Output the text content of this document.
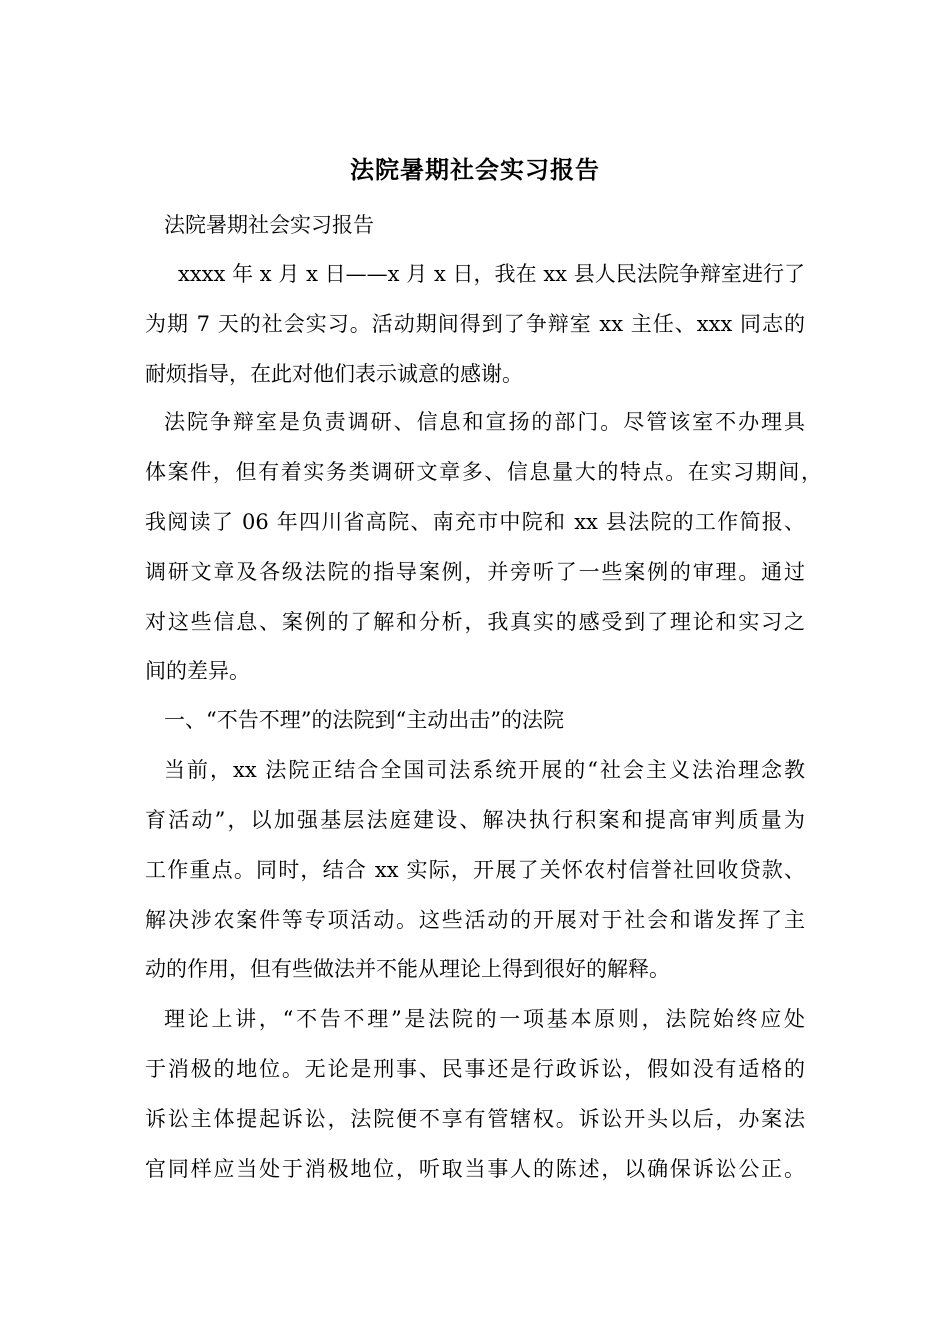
法院暑期社会实习报告
法院暑期社会实习报告
xxxx 年 x 月 x 日——x 月 x 日，我在 xx 县人民法院争辩室进行了
为期 7 天的社会实习。活动期间得到了争辩室 xx 主任、xxx 同志的
耐烦指导，在此对他们表示诚意的感谢。
法院争辩室是负责调研、信息和宣扬的部门。尽管该室不办理具
体案件，但有着实务类调研文章多、信息量大的特点。在实习期间，
我阅读了 06 年四川省高院、南充市中院和 xx 县法院的工作简报、
调研文章及各级法院的指导案例，并旁听了一些案例的审理。通过
对这些信息、案例的了解和分析，我真实的感受到了理论和实习之
间的差异。
一、“不告不理”的法院到“主动出击”的法院
当前，xx 法院正结合全国司法系统开展的“社会主义法治理念教
育活动”，以加强基层法庭建设、解决执行积案和提高审判质量为
工作重点。同时，结合 xx 实际，开展了关怀农村信誉社回收贷款、
解决涉农案件等专项活动。这些活动的开展对于社会和谐发挥了主
动的作用，但有些做法并不能从理论上得到很好的解释。
理论上讲，“不告不理”是法院的一项基本原则，法院始终应处
于消极的地位。无论是刑事、民事还是行政诉讼，假如没有适格的
诉讼主体提起诉讼，法院便不享有管辖权。诉讼开头以后，办案法
官同样应当处于消极地位，听取当事人的陈述，以确保诉讼公正。
